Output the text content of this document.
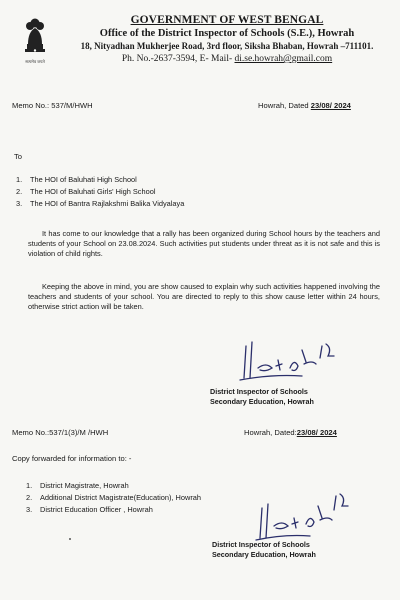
सत्यमेव जयते
GOVERNMENT OF WEST BENGAL
Office of the District Inspector of Schools (S.E.), Howrah
18, Nityadhan Mukherjee Road, 3rd floor, Siksha Bhaban, Howrah –711101.
Ph. No.-2637-3594, E- Mail- di.se.howrah@gmail.com
Memo No.: 537/M/HWH	Howrah, Dated 23/08/ 2024
To
1.	The HOI of Baluhati High School
2.	The HOI of Baluhati Girls' High School
3.	The HOI of Bantra Rajlakshmi Balika Vidyalaya
It has come to our knowledge that a rally has been organized during School hours by the teachers and students of your School on 23.08.2024. Such activities put students under threat as it is not safe and this is violation of child rights.
Keeping the above in mind, you are show caused to explain why such activities happened involving the teachers and students of your school. You are directed to reply to this show cause letter within 24 hours, otherwise strict action will be taken.
District Inspector of Schools
Secondary Education, Howrah
Memo No.:537/1(3)/M /HWH	Howrah, Dated:23/08/ 2024
Copy forwarded for information to: -
1.	District Magistrate, Howrah
2.	Additional District Magistrate(Education), Howrah
3.	District Education Officer , Howrah
District Inspector of Schools
Secondary Education, Howrah
